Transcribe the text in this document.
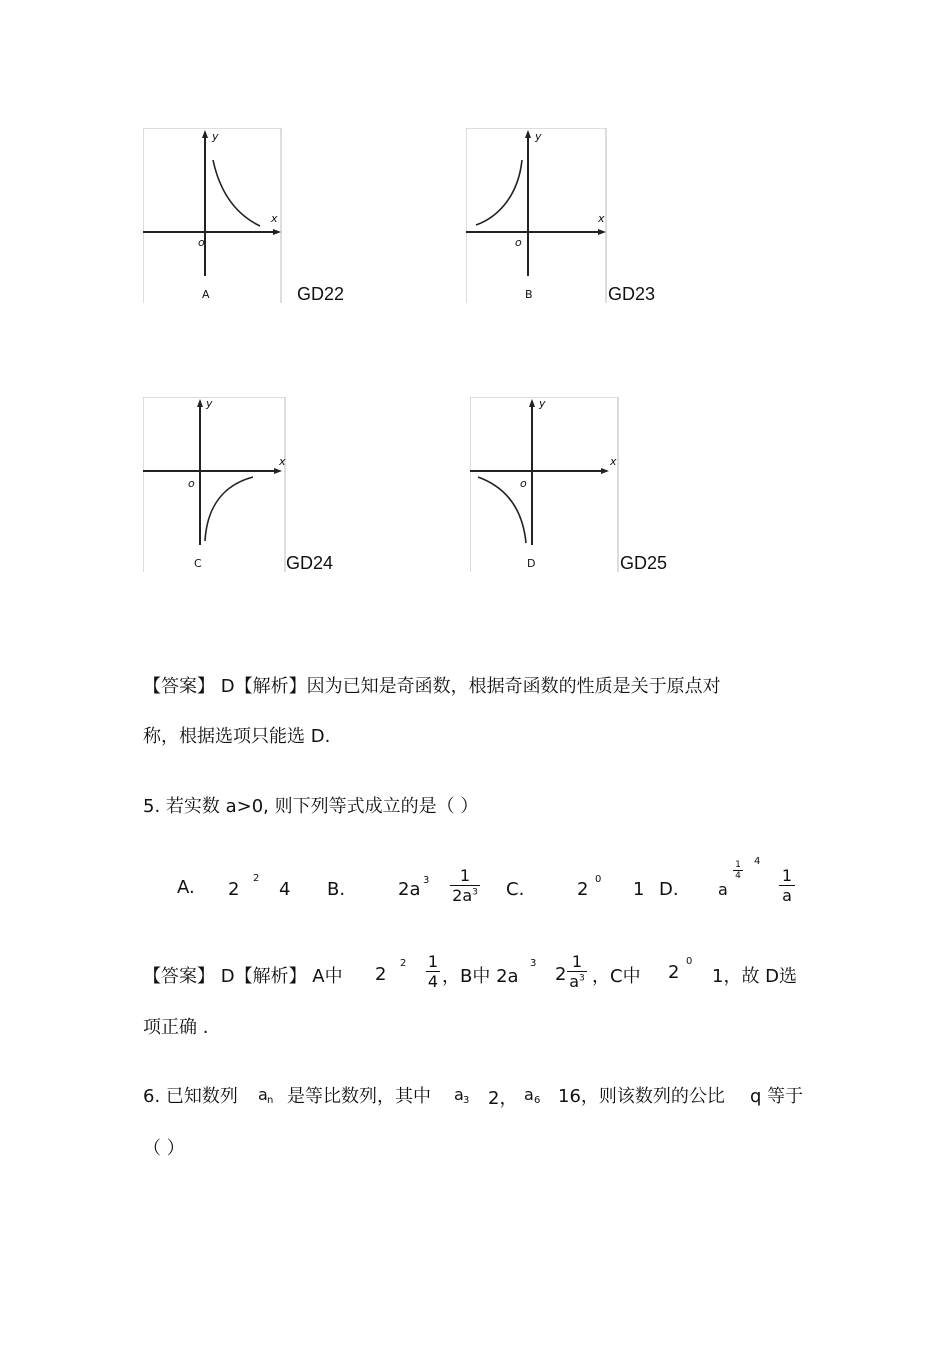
y
x
o
A	GD22
y
x
o
B	GD23
y
x
o
C	GD24
y
x
o
D	GD25
【答案】 D【解析】因为已知是奇函数，根据奇函数的性质是关于原点对
称，根据选项只能选 D.
5. 若实数 a>0, 则下列等式成立的是（ ）
A. 2
2
4 B.	2a $3 \frac{1}{2a^3} C$.	2 0 1 D. a
$\frac{1}{4} 4$
$\frac{1}{a}$
【答案】 D【解析】 A中 2
$2 \frac{1}{4}$ ，B中 2a
3
$2 \frac{1}{a^3}$ ，C中 2
0
1，故 D选
项正确 .
6. 已知数列 a n 是等比数列，其中 a 3 2， a 6 16，则该数列的公比 q 等于
（ ）
